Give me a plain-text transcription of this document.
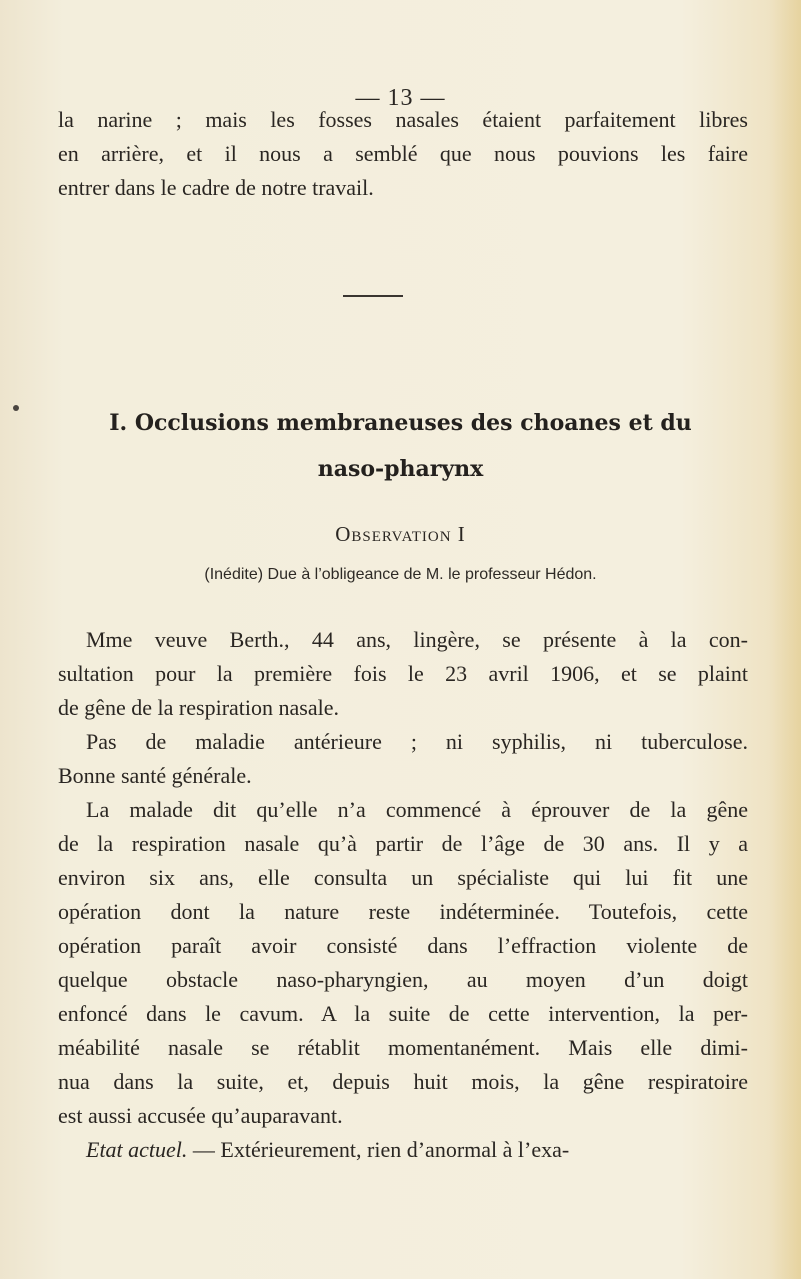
— 13 —
la narine ; mais les fosses nasales étaient parfaitement libres
en arrière, et il nous a semblé que nous pouvions les faire
entrer dans le cadre de notre travail.
I. Occlusions membraneuses des choanes et du
naso-pharynx
Observation I
(Inédite) Due à l’obligeance de M. le professeur Hédon.
Mme veuve Berth., 44 ans, lingère, se présente à la con-
sultation pour la première fois le 23 avril 1906, et se plaint
de gêne de la respiration nasale.
Pas de maladie antérieure ; ni syphilis, ni tuberculose.
Bonne santé générale.
La malade dit qu’elle n’a commencé à éprouver de la gêne
de la respiration nasale qu’à partir de l’âge de 30 ans. Il y a
environ six ans, elle consulta un spécialiste qui lui fit une
opération dont la nature reste indéterminée. Toutefois, cette
opération paraît avoir consisté dans l’effraction violente de
quelque obstacle naso-pharyngien, au moyen d’un doigt
enfoncé dans le cavum. A la suite de cette intervention, la per-
méabilité nasale se rétablit momentanément. Mais elle dimi-
nua dans la suite, et, depuis huit mois, la gêne respiratoire
est aussi accusée qu’auparavant.
Etat actuel. — Extérieurement, rien d’anormal à l’exa-
